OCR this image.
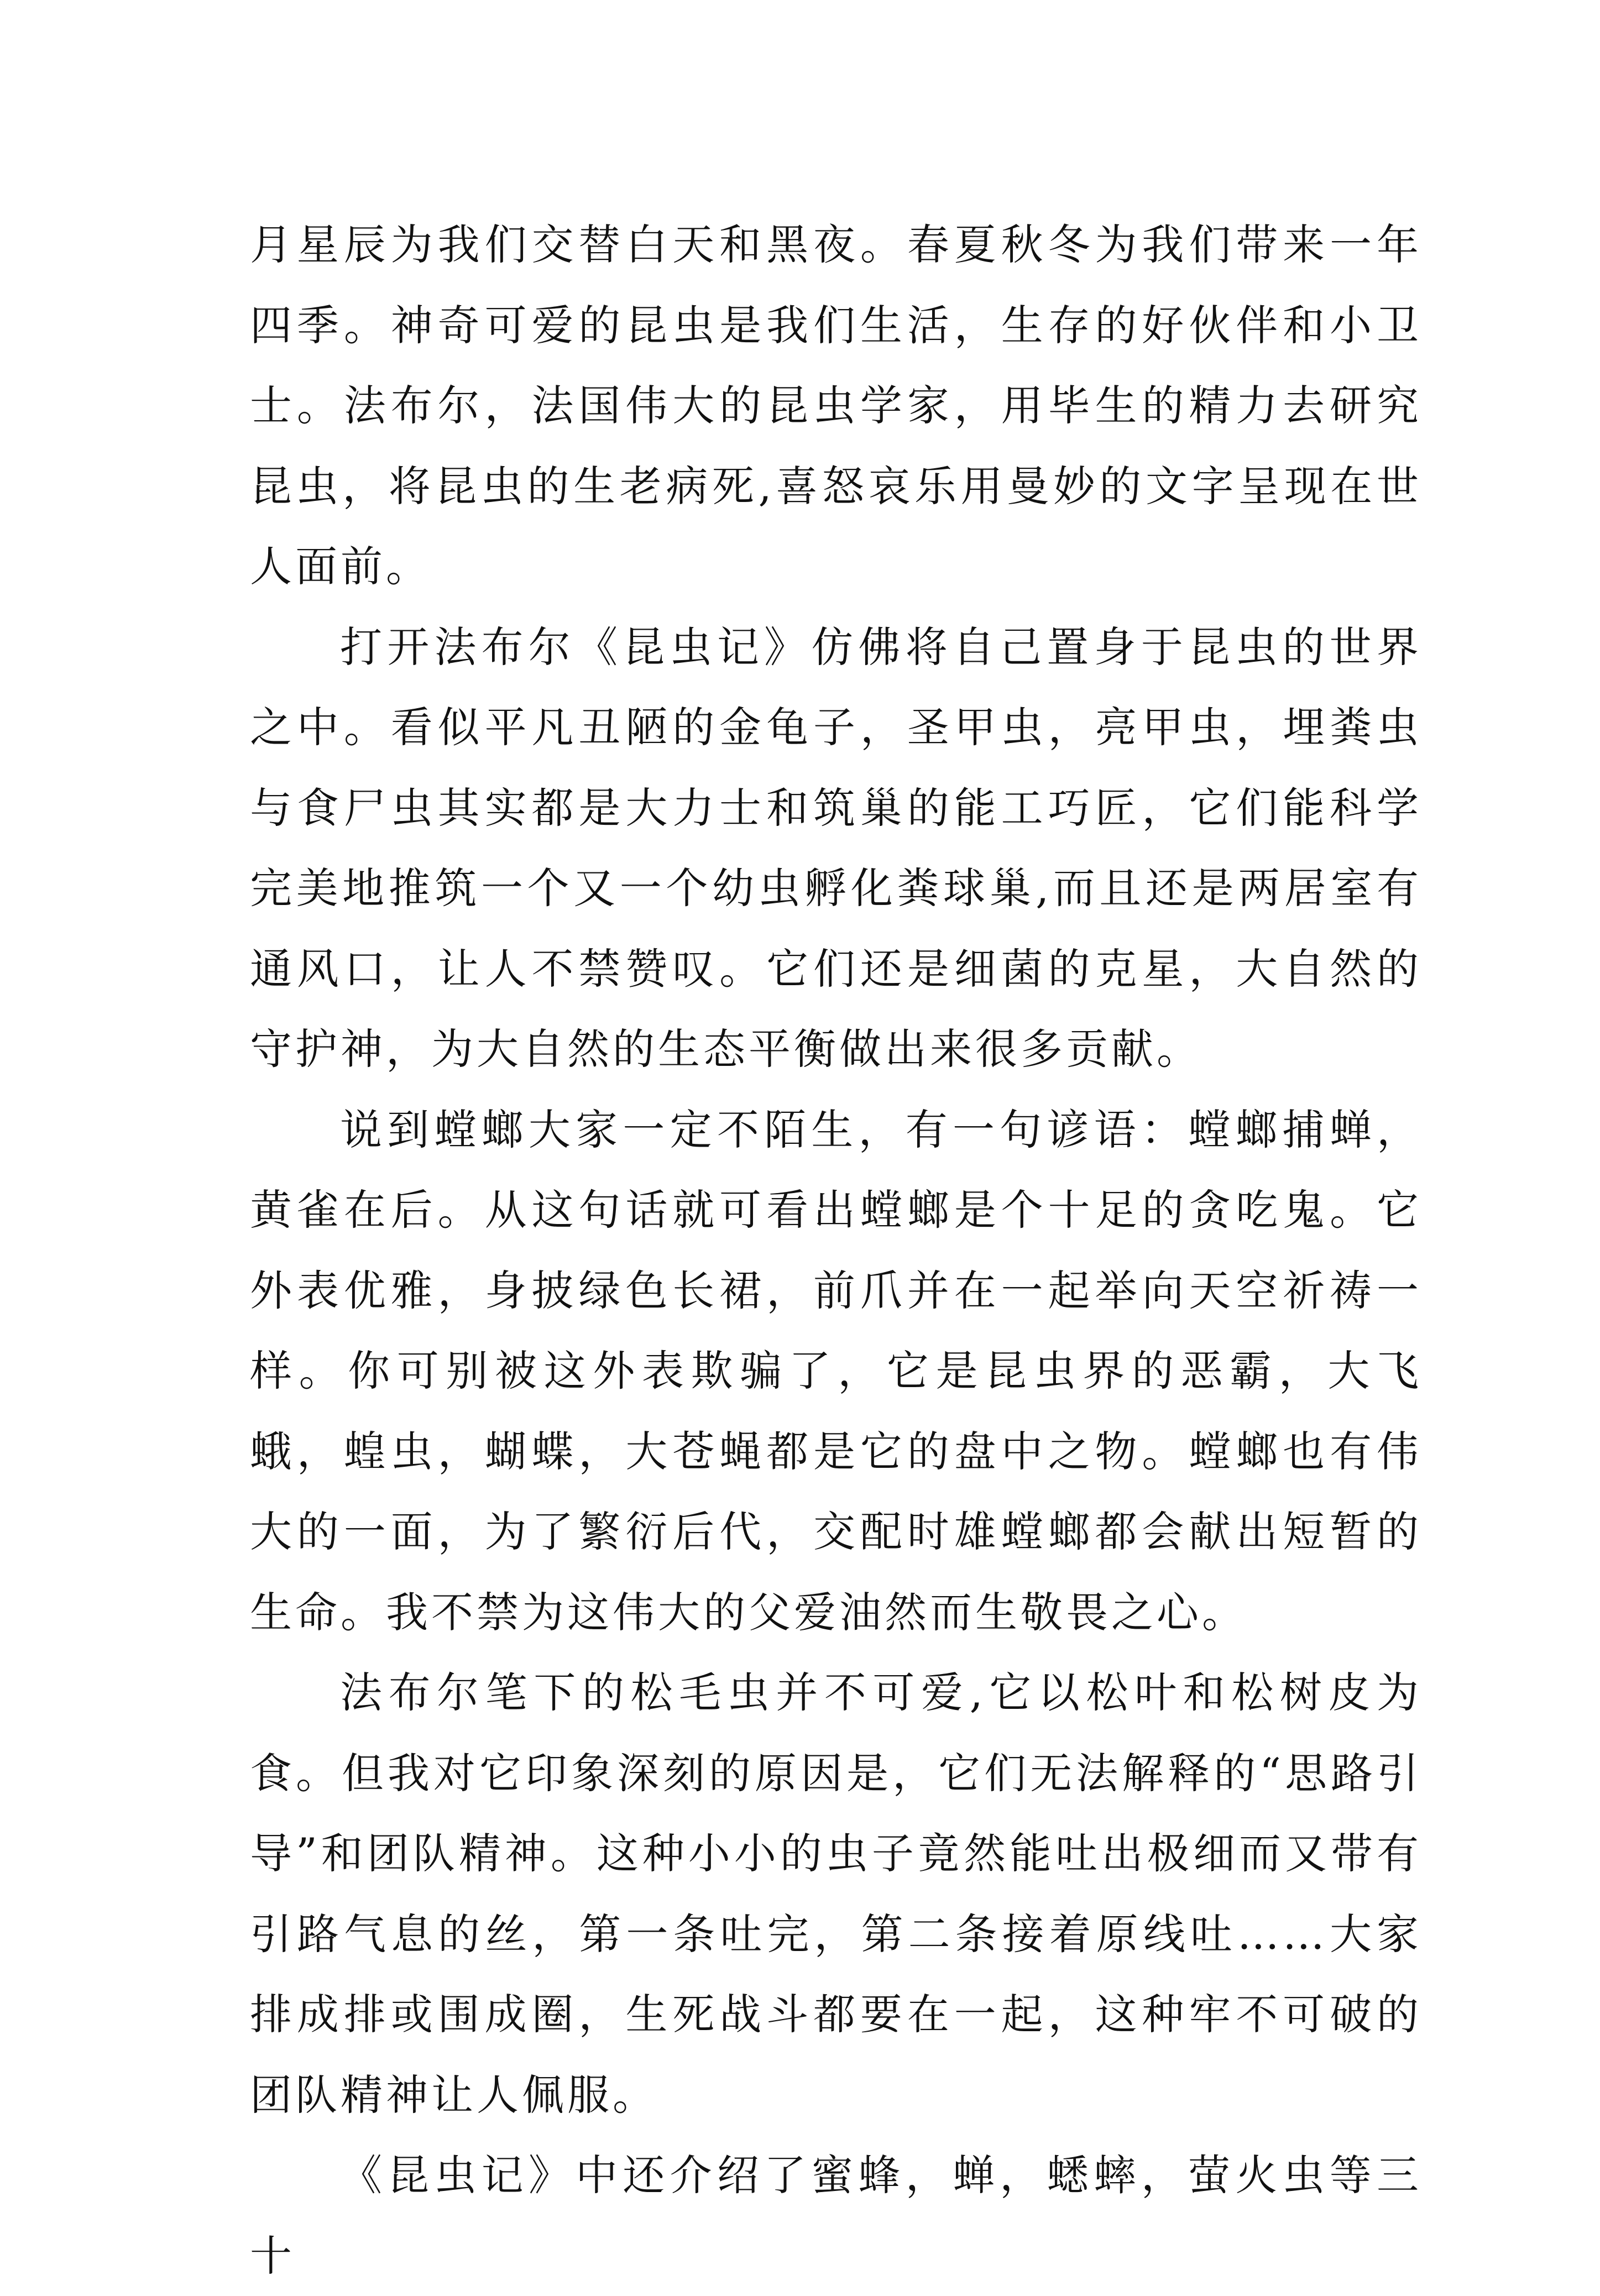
月星辰为我们交替白天和黑夜。春夏秋冬为我们带来一年四季。神奇可爱的昆虫是我们生活，生存的好伙伴和小卫士。法布尔，法国伟大的昆虫学家，用毕生的精力去研究昆虫，将昆虫的生老病死,喜怒哀乐用曼妙的文字呈现在世人面前。

打开法布尔《昆虫记》仿佛将自己置身于昆虫的世界之中。看似平凡丑陋的金龟子，圣甲虫，亮甲虫，埋粪虫与食尸虫其实都是大力士和筑巢的能工巧匠，它们能科学完美地推筑一个又一个幼虫孵化粪球巢,而且还是两居室有通风口，让人不禁赞叹。它们还是细菌的克星，大自然的守护神，为大自然的生态平衡做出来很多贡献。

说到螳螂大家一定不陌生，有一句谚语：螳螂捕蝉，黄雀在后。从这句话就可看出螳螂是个十足的贪吃鬼。它外表优雅，身披绿色长裙，前爪并在一起举向天空祈祷一样。你可别被这外表欺骗了，它是昆虫界的恶霸，大飞蛾，蝗虫，蝴蝶，大苍蝇都是它的盘中之物。螳螂也有伟大的一面，为了繁衍后代，交配时雄螳螂都会献出短暂的生命。我不禁为这伟大的父爱油然而生敬畏之心。

法布尔笔下的松毛虫并不可爱,它以松叶和松树皮为食。但我对它印象深刻的原因是，它们无法解释的“思路引导”和团队精神。这种小小的虫子竟然能吐出极细而又带有引路气息的丝，第一条吐完，第二条接着原线吐……大家排成排或围成圈，生死战斗都要在一起，这种牢不可破的团队精神让人佩服。

《昆虫记》中还介绍了蜜蜂，蝉，蟋蟀，萤火虫等三十
